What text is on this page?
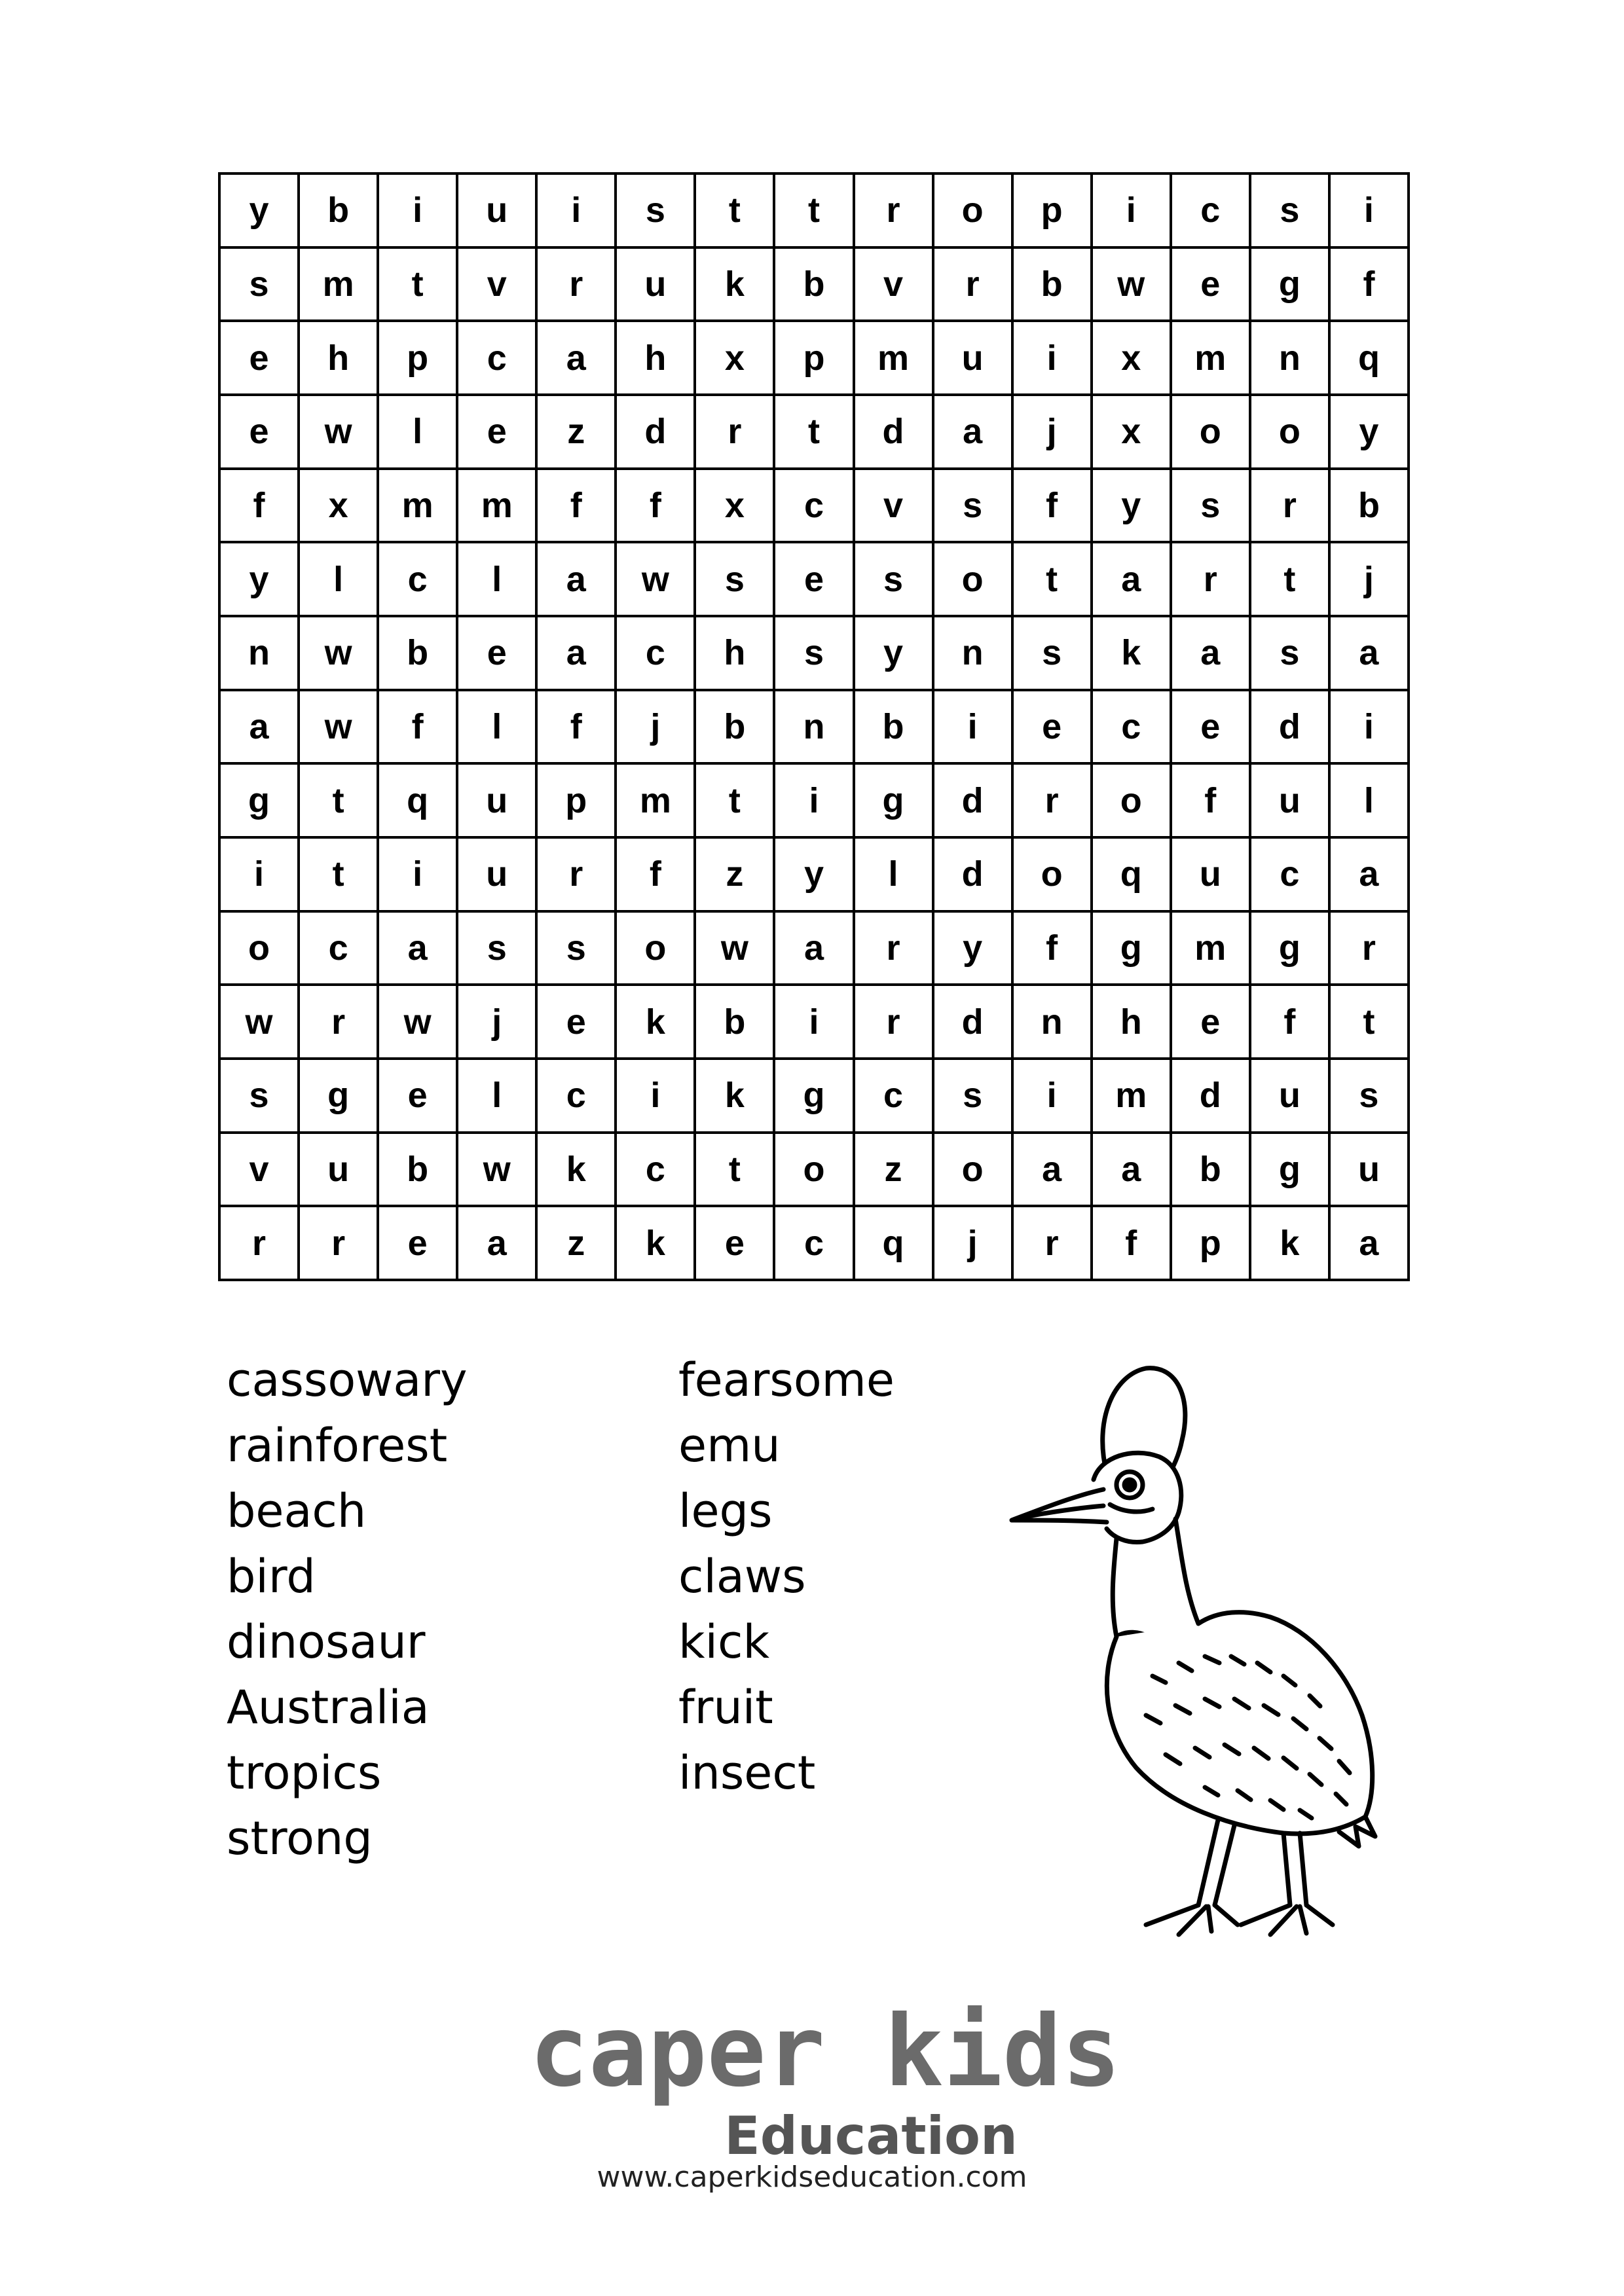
y	b	i	u	i	s	t	t	r	o	p	i	c	s	i
s	m	t	v	r	u	k	b	v	r	b	w	e	g	f
e	h	p	c	a	h	x	p	m	u	i	x	m	n	q
e	w	l	e	z	d	r	t	d	a	j	x	o	o	y
f	x	m	m	f	f	x	c	v	s	f	y	s	r	b
y	l	c	l	a	w	s	e	s	o	t	a	r	t	j
n	w	b	e	a	c	h	s	y	n	s	k	a	s	a
a	w	f	l	f	j	b	n	b	i	e	c	e	d	i
g	t	q	u	p	m	t	i	g	d	r	o	f	u	l
i	t	i	u	r	f	z	y	l	d	o	q	u	c	a
o	c	a	s	s	o	w	a	r	y	f	g	m	g	r
w	r	w	j	e	k	b	i	r	d	n	h	e	f	t
s	g	e	l	c	i	k	g	c	s	i	m	d	u	s
v	u	b	w	k	c	t	o	z	o	a	a	b	g	u
r	r	e	a	z	k	e	c	q	j	r	f	p	k	a
cassowary
rainforest
beach
bird
dinosaur
Australia
tropics
strong
fearsome
emu
legs
claws
kick
fruit
insect
caper kids
Education
www.caperkidseducation.com
